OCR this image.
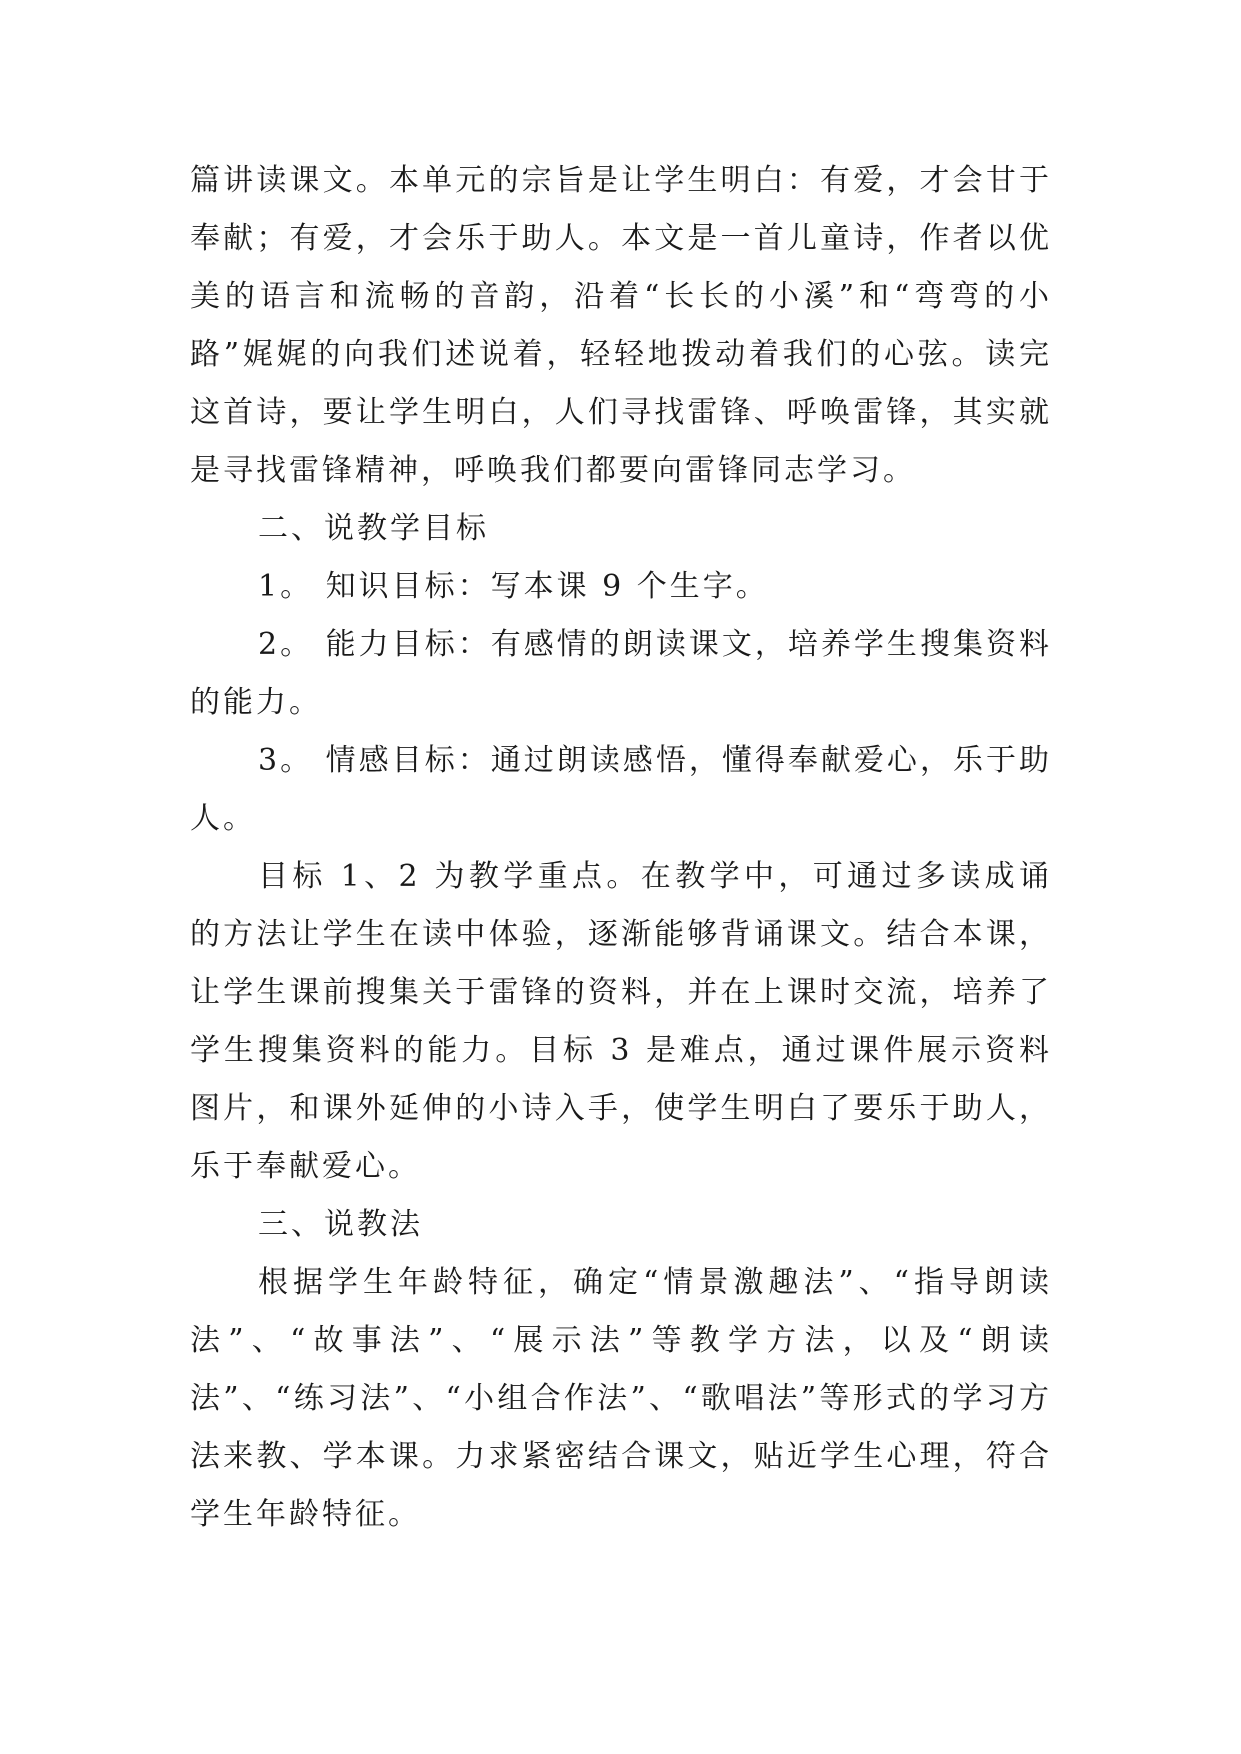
篇讲读课文。本单元的宗旨是让学生明白：有爱，才会甘于奉献；有爱，才会乐于助人。本文是一首儿童诗，作者以优美的语言和流畅的音韵，沿着“长长的小溪”和“弯弯的小路”娓娓的向我们述说着，轻轻地拨动着我们的心弦。读完这首诗，要让学生明白，人们寻找雷锋、呼唤雷锋，其实就是寻找雷锋精神，呼唤我们都要向雷锋同志学习。

二、说教学目标

1。 知识目标：写本课 9 个生字。

2。 能力目标：有感情的朗读课文，培养学生搜集资料的能力。

3。 情感目标：通过朗读感悟，懂得奉献爱心，乐于助人。

目标 1、2 为教学重点。在教学中，可通过多读成诵的方法让学生在读中体验，逐渐能够背诵课文。结合本课，让学生课前搜集关于雷锋的资料，并在上课时交流，培养了学生搜集资料的能力。目标 3 是难点，通过课件展示资料图片，和课外延伸的小诗入手，使学生明白了要乐于助人，乐于奉献爱心。

三、说教法

根据学生年龄特征，确定“情景激趣法”、“指导朗读法”、“故事法”、“展示法”等教学方法，以及“朗读法”、“练习法”、“小组合作法”、“歌唱法”等形式的学习方法来教、学本课。力求紧密结合课文，贴近学生心理，符合学生年龄特征。
